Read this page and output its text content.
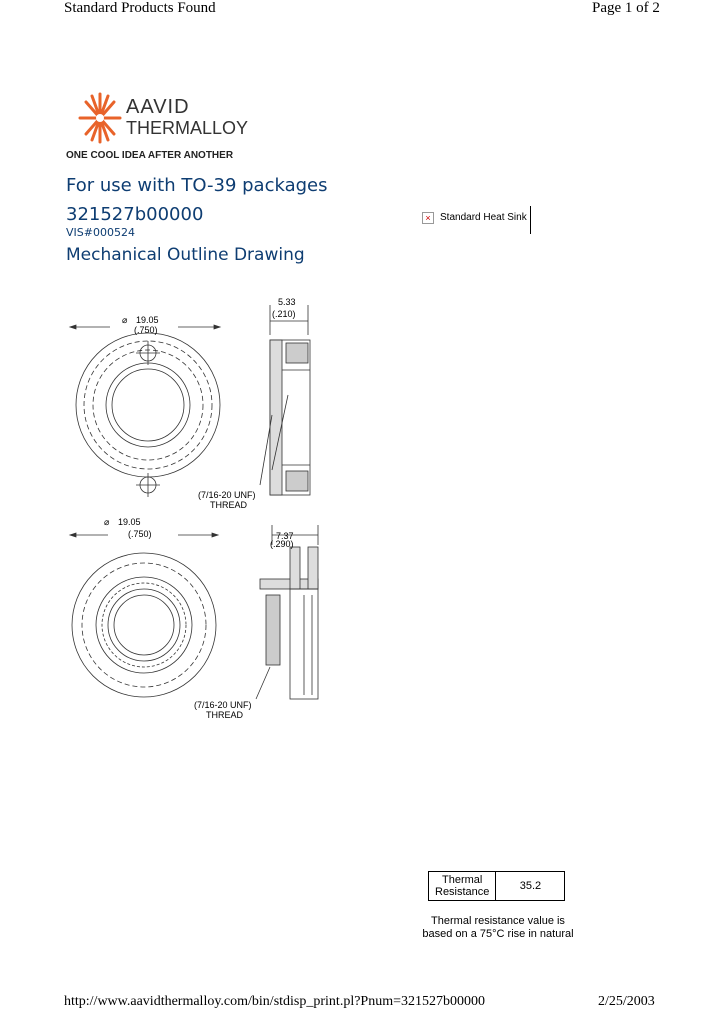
Standard Products Found	Page 1 of 2
AAVID
THERMALLOY
ONE COOL IDEA AFTER ANOTHER
For use with TO-39 packages
321527b00000
VIS#000524
Mechanical Outline Drawing
× Standard Heat Sink
⌀ 19.05
(.750)
5.33
(.210)
(7/16-20 UNF)
THREAD
⌀ 19.05
(.750)	7.37
(.290)
(7/16-20 UNF)
THREAD
Thermal
Resistance	35.2
Thermal resistance value is
based on a 75°C rise in natural
http://www.aavidthermalloy.com/bin/stdisp_print.pl?Pnum=321527b00000	2/25/2003
